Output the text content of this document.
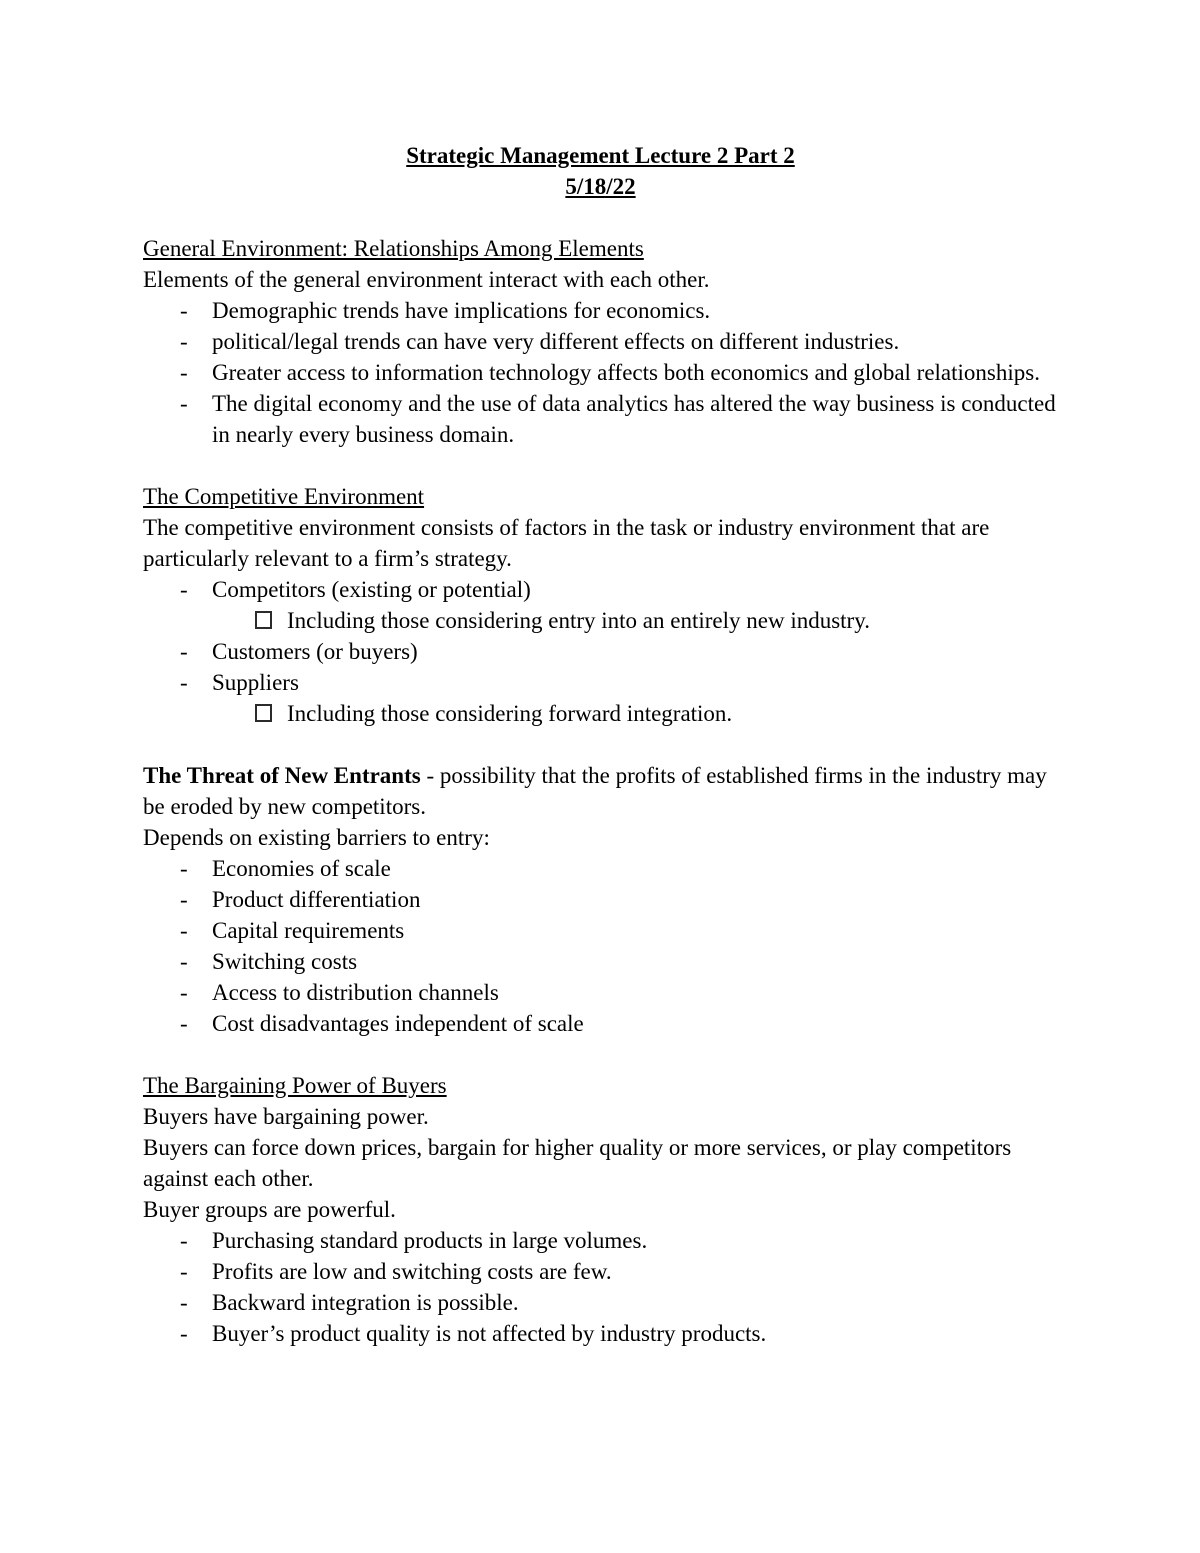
Strategic Management Lecture 2 Part 2

5/18/22

General Environment: Relationships Among Elements

Elements of the general environment interact with each other.

-	Demographic trends have implications for economics.
-	political/legal trends can have very different effects on different industries.
-	Greater access to information technology affects both economics and global relationships.
-	The digital economy and the use of data analytics has altered the way business is conducted in nearly every business domain.

The Competitive Environment

The competitive environment consists of factors in the task or industry environment that are particularly relevant to a firm’s strategy.

-	Competitors (existing or potential)
Including those considering entry into an entirely new industry.
-	Customers (or buyers)
-	Suppliers
Including those considering forward integration.

The Threat of New Entrants - possibility that the profits of established firms in the industry may be eroded by new competitors.

Depends on existing barriers to entry:

-	Economies of scale
-	Product differentiation
-	Capital requirements
-	Switching costs
-	Access to distribution channels
-	Cost disadvantages independent of scale

The Bargaining Power of Buyers

Buyers have bargaining power.

Buyers can force down prices, bargain for higher quality or more services, or play competitors against each other.

Buyer groups are powerful.

-	Purchasing standard products in large volumes.
-	Profits are low and switching costs are few.
-	Backward integration is possible.
-	Buyer’s product quality is not affected by industry products.
